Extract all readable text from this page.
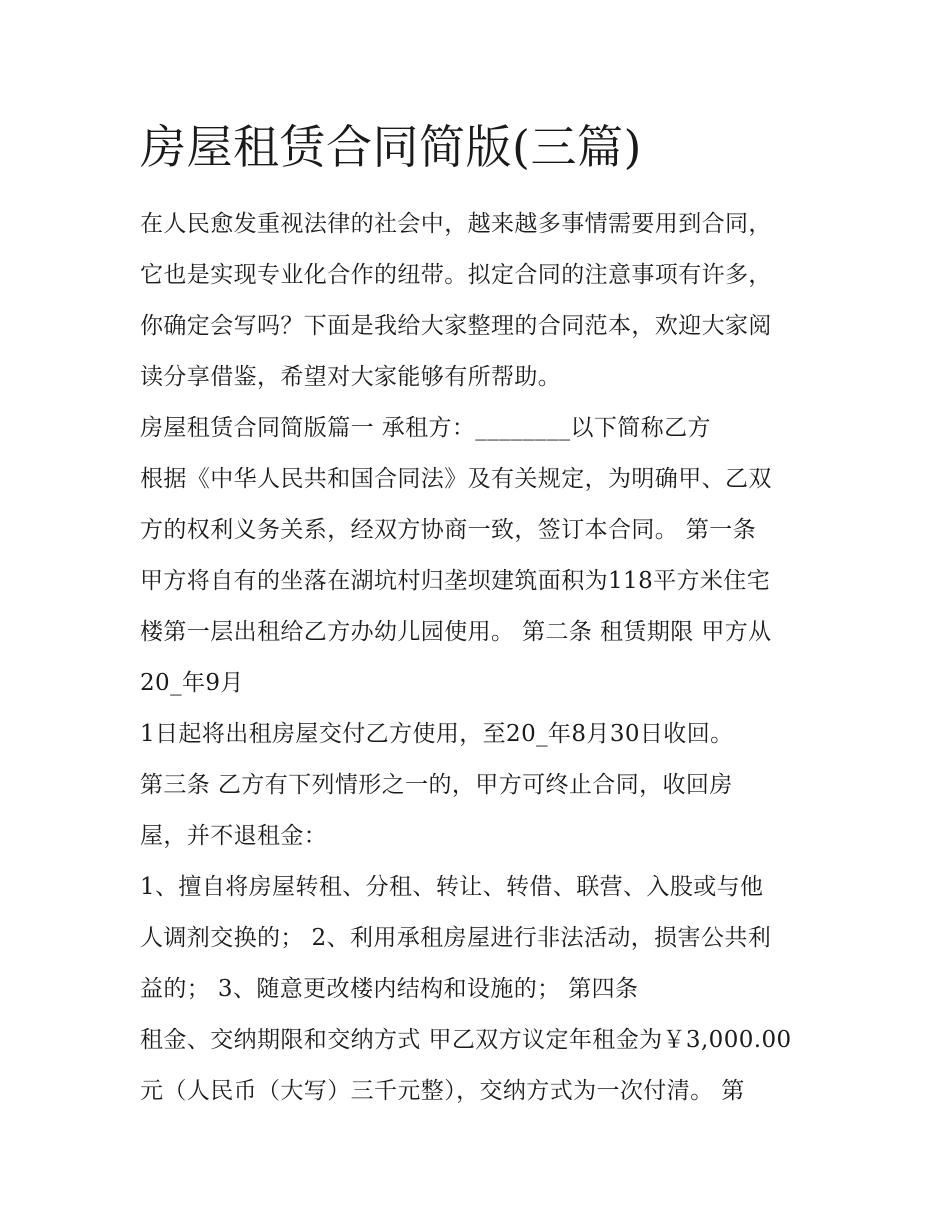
房屋租赁合同简版(三篇)
在人民愈发重视法律的社会中，越来越多事情需要用到合同，
它也是实现专业化合作的纽带。拟定合同的注意事项有许多，
你确定会写吗？下面是我给大家整理的合同范本，欢迎大家阅
读分享借鉴，希望对大家能够有所帮助。
房屋租赁合同简版篇一 承租方：________以下简称乙方
根据《中华人民共和国合同法》及有关规定，为明确甲、乙双
方的权利义务关系，经双方协商一致，签订本合同。 第一条
甲方将自有的坐落在湖坑村归垄坝建筑面积为118平方米住宅
楼第一层出租给乙方办幼儿园使用。 第二条 租赁期限 甲方从
20_年9月
1日起将出租房屋交付乙方使用，至20_年8月30日收回。
第三条 乙方有下列情形之一的，甲方可终止合同，收回房
屋，并不退租金：
1、擅自将房屋转租、分租、转让、转借、联营、入股或与他
人调剂交换的； 2、利用承租房屋进行非法活动，损害公共利
益的； 3、随意更改楼内结构和设施的； 第四条
租金、交纳期限和交纳方式 甲乙双方议定年租金为￥3,000.00
元（人民币（大写）三千元整），交纳方式为一次付清。 第
